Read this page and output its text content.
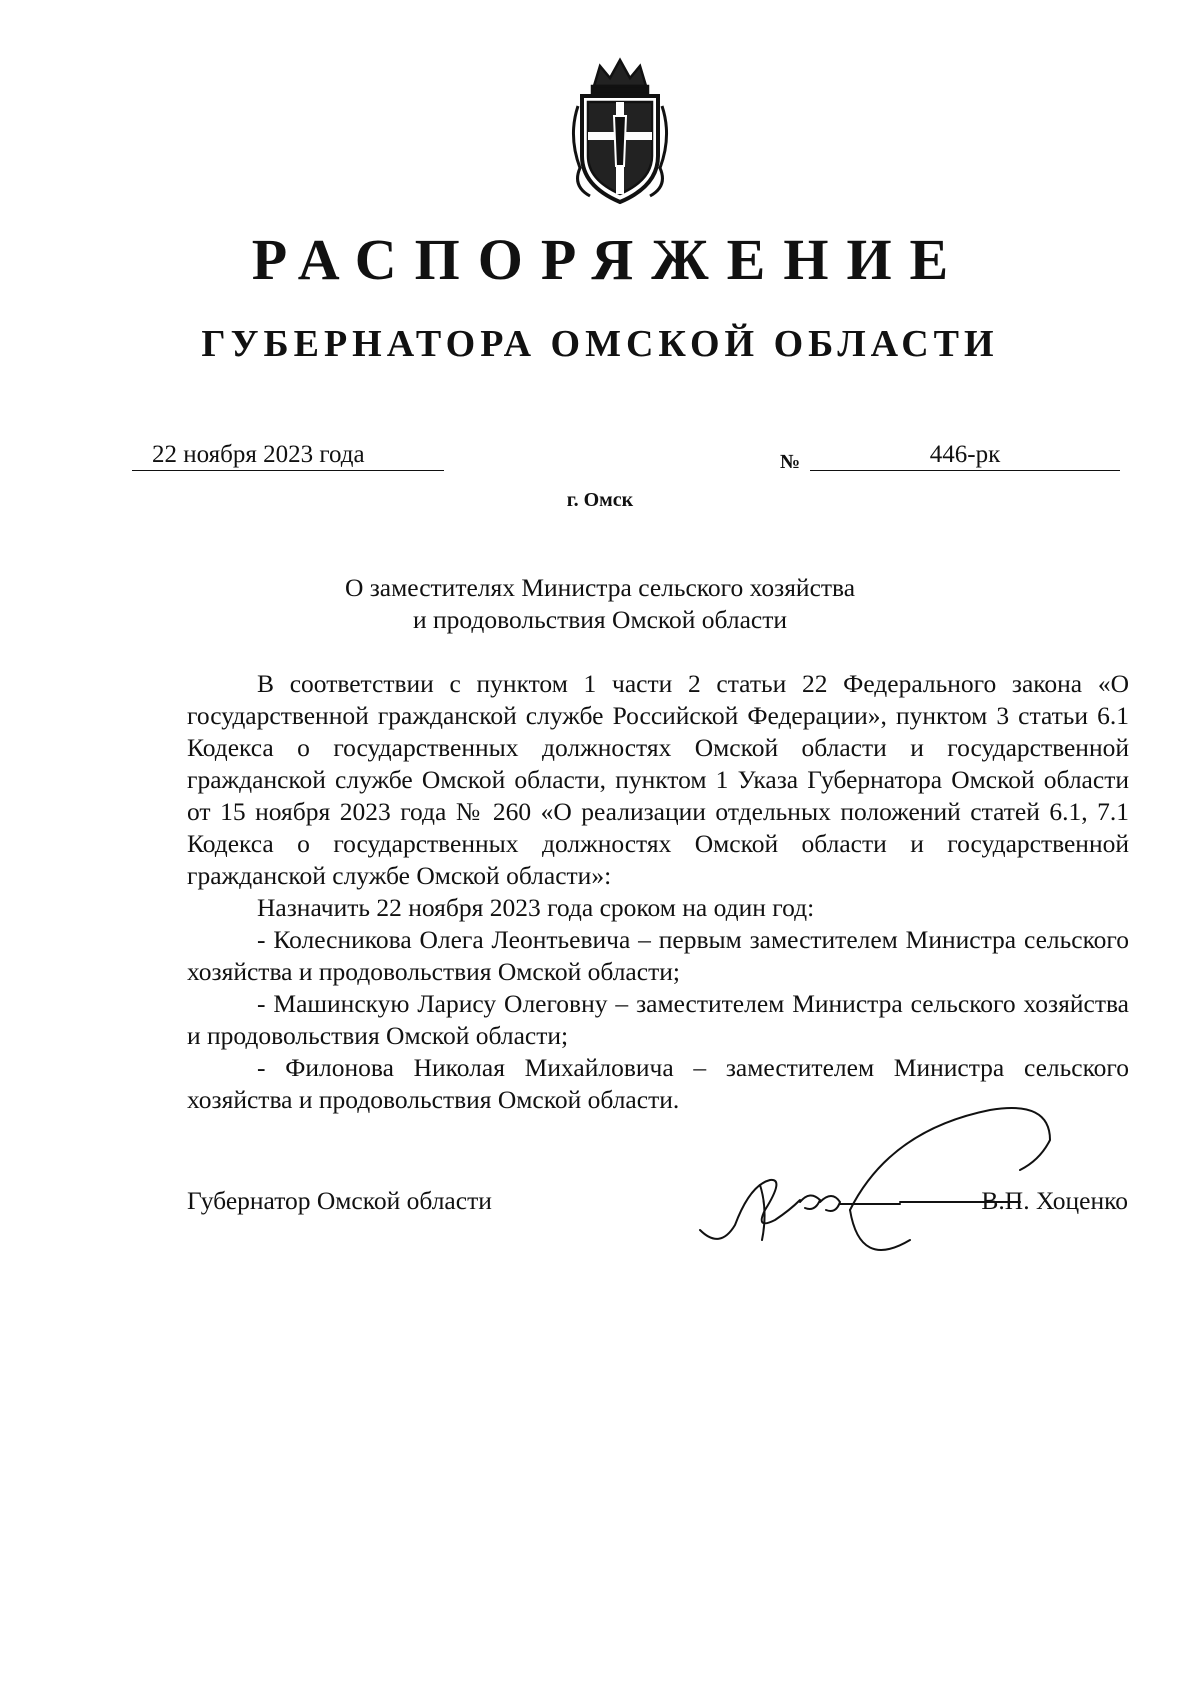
РАСПОРЯЖЕНИЕ
ГУБЕРНАТОРА ОМСКОЙ ОБЛАСТИ
22 ноября 2023 года	№	446-рк
г. Омск
О заместителях Министра сельского хозяйства
и продовольствия Омской области

В соответствии с пунктом 1 части 2 статьи 22 Федерального закона «О государственной гражданской службе Российской Федерации», пунктом 3 статьи 6.1 Кодекса о государственных должностях Омской области и государственной гражданской службе Омской области, пунктом 1 Указа Губернатора Омской области от 15 ноября 2023 года № 260 «О реализации отдельных положений статей 6.1, 7.1 Кодекса о государственных должностях Омской области и государственной гражданской службе Омской области»:

Назначить 22 ноября 2023 года сроком на один год:

- Колесникова Олега Леонтьевича – первым заместителем Министра сельского хозяйства и продовольствия Омской области;

- Машинскую Ларису Олеговну – заместителем Министра сельского хозяйства и продовольствия Омской области;

- Филонова Николая Михайловича – заместителем Министра сельского хозяйства и продовольствия Омской области.

Губернатор Омской области	В.П. Хоценко
